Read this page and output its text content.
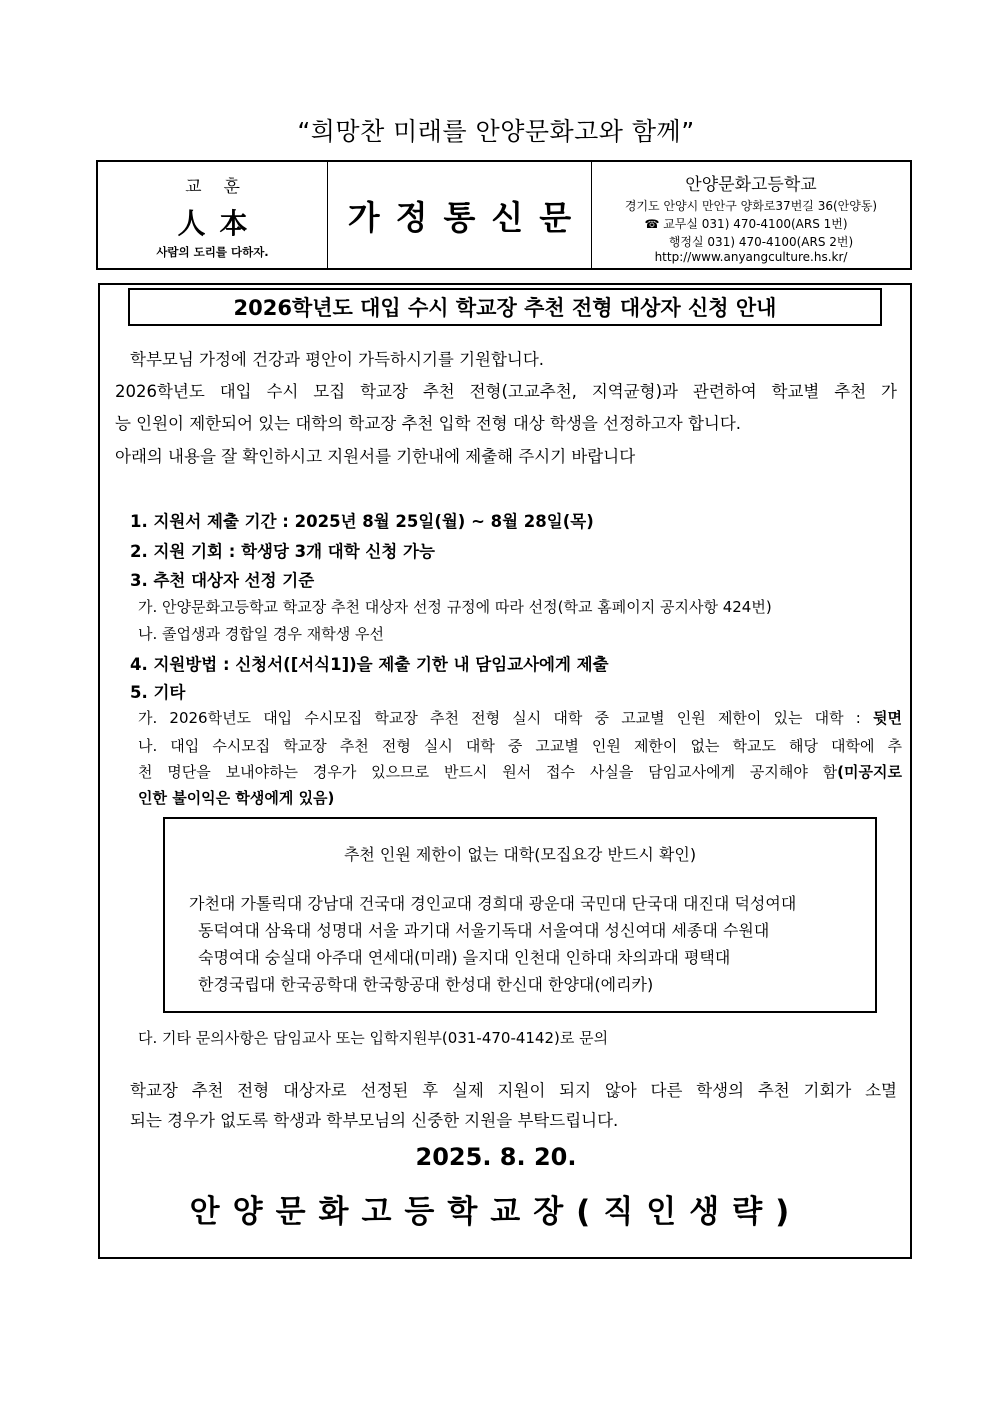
“희망찬 미래를 안양문화고와 함께”
교훈
人本
사람의 도리를 다하자.
가정통신문
안양문화고등학교
경기도 안양시 만안구 양화로37번길 36(안양동)
☎ 교무실 031) 470-4100(ARS 1번)
행정실 031) 470-4100(ARS 2번)
http://www.anyangculture.hs.kr/
2026학년도 대입 수시 학교장 추천 전형 대상자 신청 안내
학부모님 가정에 건강과 평안이 가득하시기를 기원합니다.
2026학년도 대입 수시 모집 학교장 추천 전형(고교추천, 지역균형)과 관련하여 학교별 추천 가
능 인원이 제한되어 있는 대학의 학교장 추천 입학 전형 대상 학생을 선정하고자 합니다.
아래의 내용을 잘 확인하시고 지원서를 기한내에 제출해 주시기 바랍니다
1. 지원서 제출 기간 : 2025년 8월 25일(월) ~ 8월 28일(목)
2. 지원 기회 : 학생당 3개 대학 신청 가능
3. 추천 대상자 선정 기준
가. 안양문화고등학교 학교장 추천 대상자 선정 규정에 따라 선정(학교 홈페이지 공지사항 424번)
나. 졸업생과 경합일 경우 재학생 우선
4. 지원방법 : 신청서([서식1])을 제출 기한 내 담임교사에게 제출
5. 기타
가. 2026학년도 대입 수시모집 학교장 추천 전형 실시 대학 중 고교별 인원 제한이 있는 대학 : 뒷면
나. 대입 수시모집 학교장 추천 전형 실시 대학 중 고교별 인원 제한이 없는 학교도 해당 대학에 추
천 명단을 보내야하는 경우가 있으므로 반드시 원서 접수 사실을 담임교사에게 공지해야 함(미공지로
인한 불이익은 학생에게 있음)
추천 인원 제한이 없는 대학(모집요강 반드시 확인)
가천대 가톨릭대 강남대 건국대 경인교대 경희대 광운대 국민대 단국대 대진대 덕성여대
동덕여대 삼육대 성명대 서울 과기대 서울기독대 서울여대 성신여대 세종대 수원대
숙명여대 숭실대 아주대 연세대(미래) 을지대 인천대 인하대 차의과대 평택대
한경국립대 한국공학대 한국항공대 한성대 한신대 한양대(에리카)
다. 기타 문의사항은 담임교사 또는 입학지원부(031-470-4142)로 문의
학교장 추천 전형 대상자로 선정된 후 실제 지원이 되지 않아 다른 학생의 추천 기회가 소멸
되는 경우가 없도록 학생과 학부모님의 신중한 지원을 부탁드립니다.
2025. 8. 20.
안양문화고등학교장(직인생략)
